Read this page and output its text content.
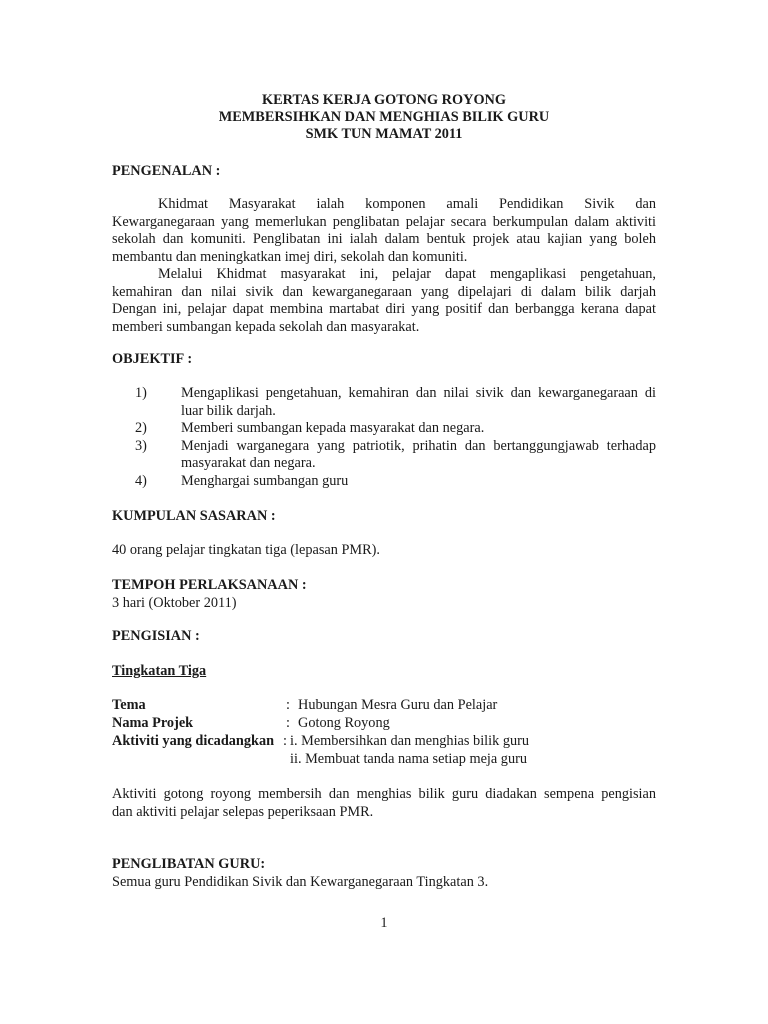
KERTAS KERJA GOTONG ROYONG
MEMBERSIHKAN DAN MENGHIAS BILIK GURU
SMK TUN MAMAT 2011
PENGENALAN :
Khidmat Masyarakat ialah komponen amali Pendidikan Sivik dan
Kewarganegaraan yang memerlukan penglibatan pelajar secara berkumpulan dalam aktiviti
sekolah dan komuniti. Penglibatan ini ialah dalam bentuk projek atau kajian yang boleh
membantu dan meningkatkan imej diri, sekolah dan komuniti.
Melalui Khidmat masyarakat ini, pelajar dapat mengaplikasi pengetahuan,
kemahiran dan nilai sivik dan kewarganegaraan yang dipelajari di dalam bilik darjah
Dengan ini, pelajar dapat membina martabat diri yang positif dan berbangga kerana dapat
memberi sumbangan kepada sekolah dan masyarakat.
OBJEKTIF :
1) Mengaplikasi pengetahuan, kemahiran dan nilai sivik dan kewarganegaraan di
luar bilik darjah.
2) Memberi sumbangan kepada masyarakat dan negara.
3) Menjadi warganegara yang patriotik, prihatin dan bertanggungjawab terhadap
masyarakat dan negara.
4) Menghargai sumbangan guru
KUMPULAN SASARAN :
40 orang pelajar tingkatan tiga (lepasan PMR).
TEMPOH PERLAKSANAAN :
3 hari (Oktober 2011)
PENGISIAN :
Tingkatan Tiga
Tema	: Hubungan Mesra Guru dan Pelajar
Nama Projek	: Gotong Royong
Aktiviti yang dicadangkan : i. Membersihkan dan menghias bilik guru
ii. Membuat tanda nama setiap meja guru
Aktiviti gotong royong membersih dan menghias bilik guru diadakan sempena pengisian
dan aktiviti pelajar selepas peperiksaan PMR.
PENGLIBATAN GURU:
Semua guru Pendidikan Sivik dan Kewarganegaraan Tingkatan 3.
1
